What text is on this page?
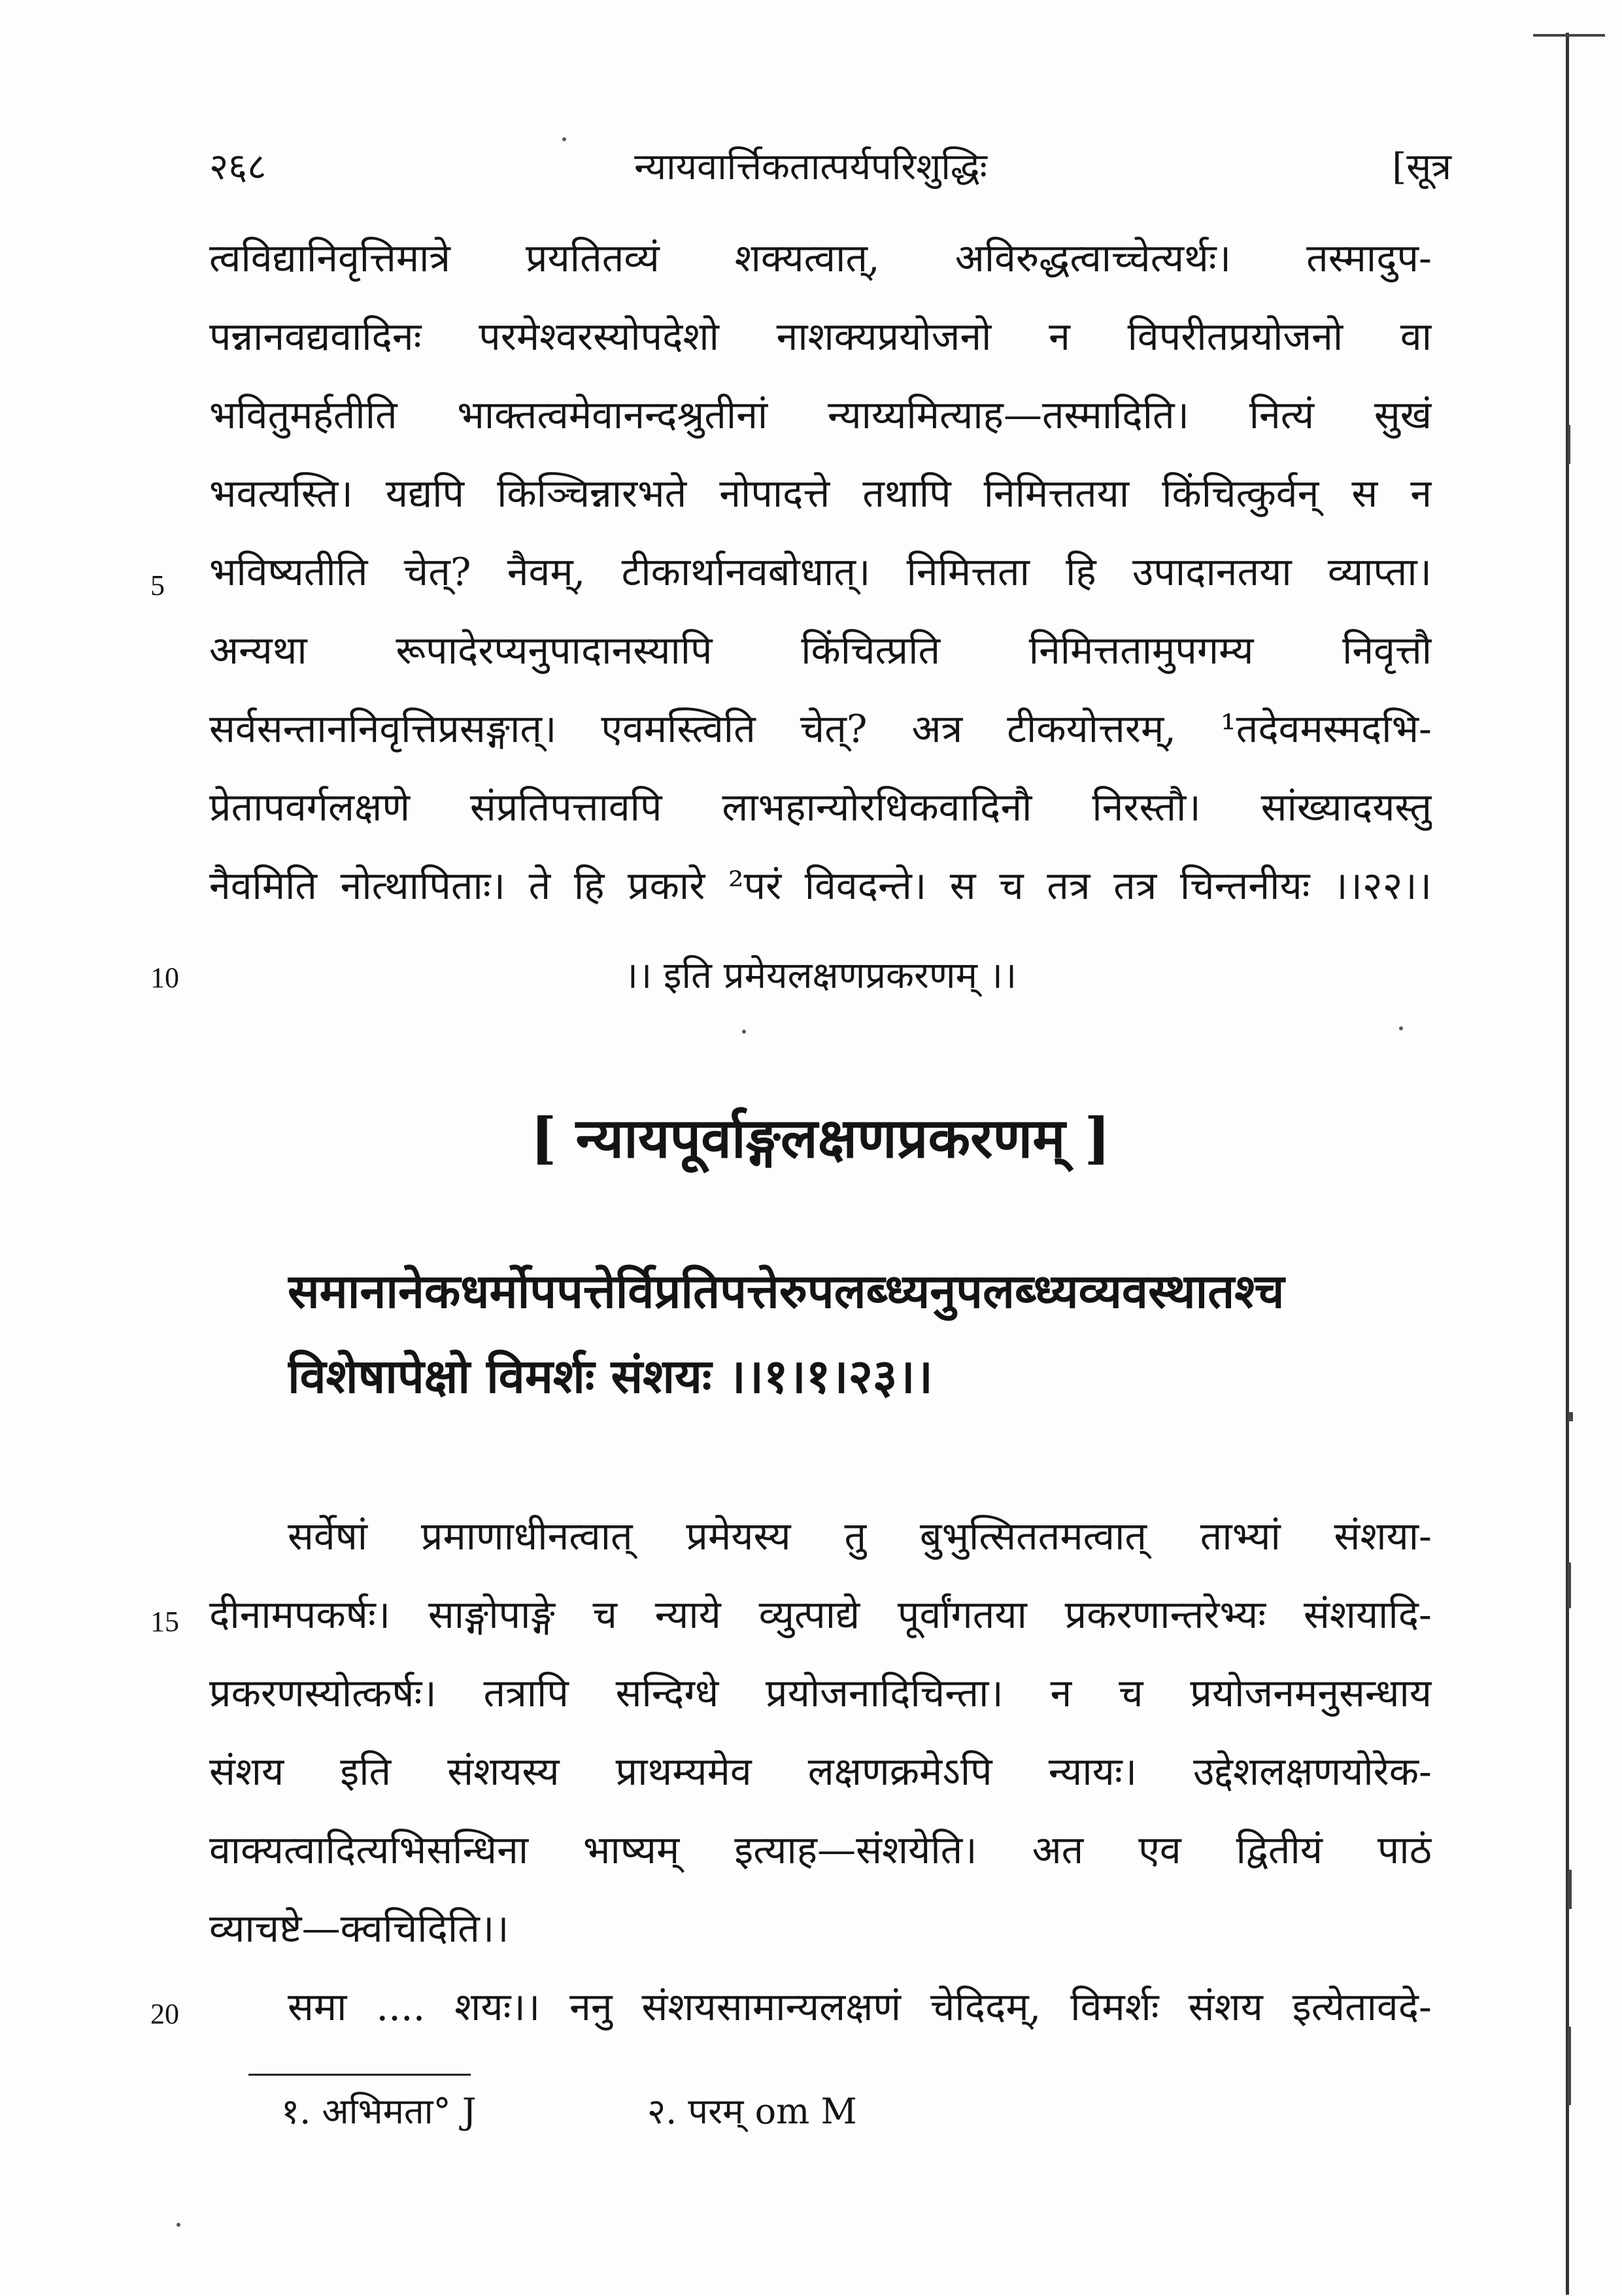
२६८	न्यायवार्त्तिकतात्पर्यपरिशुद्धिः	[सूत्र
त्वविद्यानिवृत्तिमात्रे प्रयतितव्यं शक्यत्वात्, अविरुद्धत्वाच्चेत्यर्थः। तस्मादुप-
पन्नानवद्यवादिनः परमेश्वरस्योपदेशो नाशक्यप्रयोजनो न विपरीतप्रयोजनो वा
भवितुमर्हतीति भाक्तत्वमेवानन्दश्रुतीनां न्याय्यमित्याह—तस्मादिति। नित्यं सुखं
भवत्यस्ति। यद्यपि किञ्चिन्नारभते नोपादत्ते तथापि निमित्ततया किंचित्कुर्वन् स न
भविष्यतीति चेत्? नैवम्, टीकार्थानवबोधात्। निमित्तता हि उपादानतया व्याप्ता।
अन्यथा रूपादेरप्यनुपादानस्यापि किंचित्प्रति निमित्ततामुपगम्य निवृत्तौ
सर्वसन्ताननिवृत्तिप्रसङ्गात्। एवमस्त्विति चेत्? अत्र टीकयोत्तरम्, ¹तदेवमस्मदभि-
प्रेतापवर्गलक्षणे संप्रतिपत्तावपि लाभहान्योरधिकवादिनौ निरस्तौ। सांख्यादयस्तु
नैवमिति नोत्थापिताः। ते हि प्रकारे ²परं विवदन्ते। स च तत्र तत्र चिन्तनीयः ।।२२।।
5
10	।। इति प्रमेयलक्षणप्रकरणम् ।।
[ न्यायपूर्वाङ्गलक्षणप्रकरणम् ]
समानानेकधर्मोपपत्तेर्विप्रतिपत्तेरुपलब्ध्यनुपलब्ध्यव्यवस्थातश्च
विशेषापेक्षो विमर्शः संशयः ।।१।१।२३।।
सर्वेषां प्रमाणाधीनत्वात् प्रमेयस्य तु बुभुत्सिततमत्वात् ताभ्यां संशया-
दीनामपकर्षः। साङ्गोपाङ्गे च न्याये व्युत्पाद्ये पूर्वांगतया प्रकरणान्तरेभ्यः संशयादि-
प्रकरणस्योत्कर्षः। तत्रापि सन्दिग्धे प्रयोजनादिचिन्ता। न च प्रयोजनमनुसन्धाय
संशय इति संशयस्य प्राथम्यमेव लक्षणक्रमेऽपि न्यायः। उद्देशलक्षणयोरेक-
वाक्यत्वादित्यभिसन्धिना भाष्यम् इत्याह—संशयेति। अत एव द्वितीयं पाठं
व्याचष्टे—क्वचिदिति।।
समा .... शयः।। ननु संशयसामान्यलक्षणं चेदिदम्, विमर्शः संशय इत्येतावदे-
15
20
१. अभिमता° J	२. परम् om M
